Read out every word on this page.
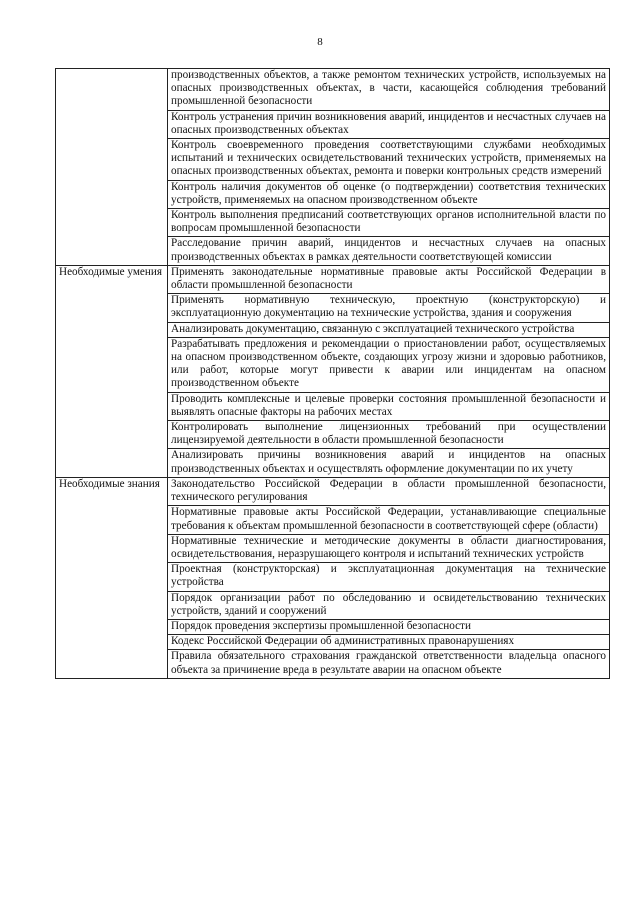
8
	производственных объектов, а также ремонтом технических устройств, используемых на опасных производственных объектах, в части, касающейся соблюдения требований промышленной безопасности
	Контроль устранения причин возникновения аварий, инцидентов и несчастных случаев на опасных производственных объектах
	Контроль своевременного проведения соответствующими службами необходимых испытаний и технических освидетельствований технических устройств, применяемых на опасных производственных объектах, ремонта и поверки контрольных средств измерений
	Контроль наличия документов об оценке (о подтверждении) соответствия технических устройств, применяемых на опасном производственном объекте
	Контроль выполнения предписаний соответствующих органов исполнительной власти по вопросам промышленной безопасности
	Расследование причин аварий, инцидентов и несчастных случаев на опасных производственных объектах в рамках деятельности соответствующей комиссии
Необходимые умения	Применять законодательные нормативные правовые акты Российской Федерации в области промышленной безопасности
	Применять нормативную техническую, проектную (конструкторскую) и эксплуатационную документацию на технические устройства, здания и сооружения
	Анализировать документацию, связанную с эксплуатацией технического устройства
	Разрабатывать предложения и рекомендации о приостановлении работ, осуществляемых на опасном производственном объекте, создающих угрозу жизни и здоровью работников, или работ, которые могут привести к аварии или инцидентам на опасном производственном объекте
	Проводить комплексные и целевые проверки состояния промышленной безопасности и выявлять опасные факторы на рабочих местах
	Контролировать выполнение лицензионных требований при осуществлении лицензируемой деятельности в области промышленной безопасности
	Анализировать причины возникновения аварий и инцидентов на опасных производственных объектах и осуществлять оформление документации по их учету
Необходимые знания	Законодательство Российской Федерации в области промышленной безопасности, технического регулирования
	Нормативные правовые акты Российской Федерации, устанавливающие специальные требования к объектам промышленной безопасности в соответствующей сфере (области)
	Нормативные технические и методические документы в области диагностирования, освидетельствования, неразрушающего контроля и испытаний технических устройств
	Проектная (конструкторская) и эксплуатационная документация на технические устройства
	Порядок организации работ по обследованию и освидетельствованию технических устройств, зданий и сооружений
	Порядок проведения экспертизы промышленной безопасности
	Кодекс Российской Федерации об административных правонарушениях
	Правила обязательного страхования гражданской ответственности владельца опасного объекта за причинение вреда в результате аварии на опасном объекте
